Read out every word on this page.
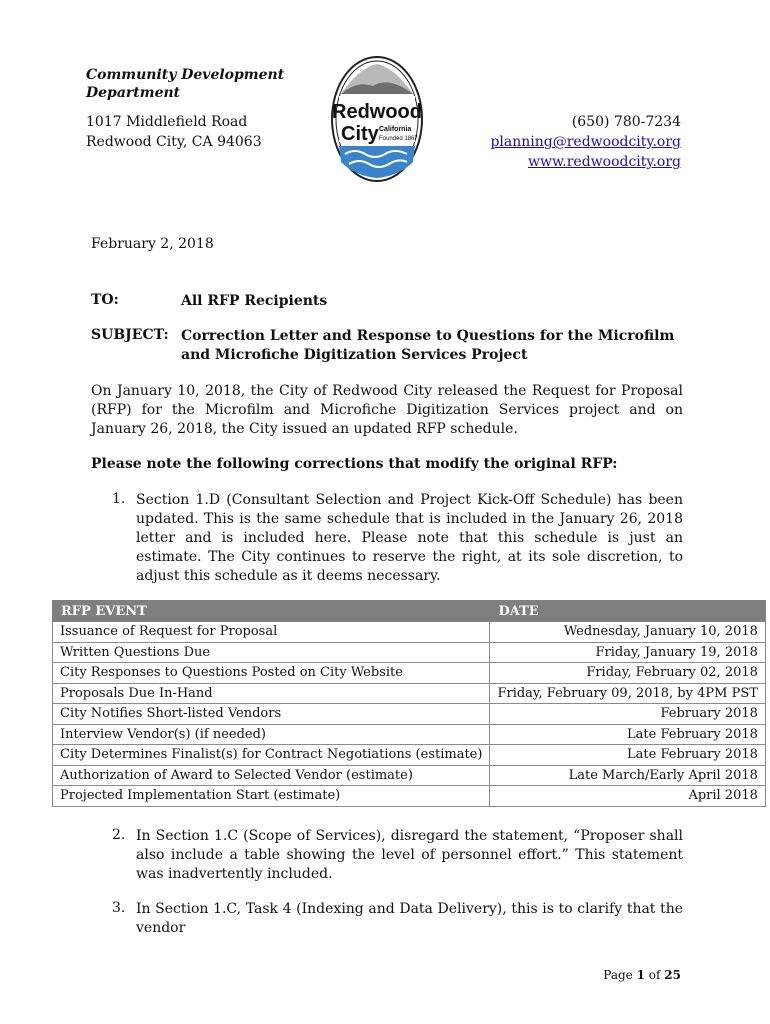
Community Development
Department
1017 Middlefield Road
Redwood City, CA 94063
Redwood
City California
Founded 1867
(650) 780-7234
planning@redwoodcity.org
www.redwoodcity.org
February 2, 2018
TO:	All RFP Recipients
SUBJECT: Correction Letter and Response to Questions for the Microfilm and Microfiche Digitization Services Project
On January 10, 2018, the City of Redwood City released the Request for Proposal (RFP) for the Microfilm and Microfiche Digitization Services project and on January 26, 2018, the City issued an updated RFP schedule.
Please note the following corrections that modify the original RFP:
1. Section 1.D (Consultant Selection and Project Kick-Off Schedule) has been updated. This is the same schedule that is included in the January 26, 2018 letter and is included here. Please note that this schedule is just an estimate. The City continues to reserve the right, at its sole discretion, to adjust this schedule as it deems necessary.
RFP EVENT	DATE
Issuance of Request for Proposal	Wednesday, January 10, 2018
Written Questions Due	Friday, January 19, 2018
City Responses to Questions Posted on City Website	Friday, February 02, 2018
Proposals Due In-Hand	Friday, February 09, 2018, by 4PM PST
City Notifies Short-listed Vendors	February 2018
Interview Vendor(s) (if needed)	Late February 2018
City Determines Finalist(s) for Contract Negotiations (estimate)	Late February 2018
Authorization of Award to Selected Vendor (estimate)	Late March/Early April 2018
Projected Implementation Start (estimate)	April 2018
2. In Section 1.C (Scope of Services), disregard the statement, “Proposer shall also include a table showing the level of personnel effort.” This statement was inadvertently included.
3. In Section 1.C, Task 4 (Indexing and Data Delivery), this is to clarify that the vendor
Page 1 of 25
